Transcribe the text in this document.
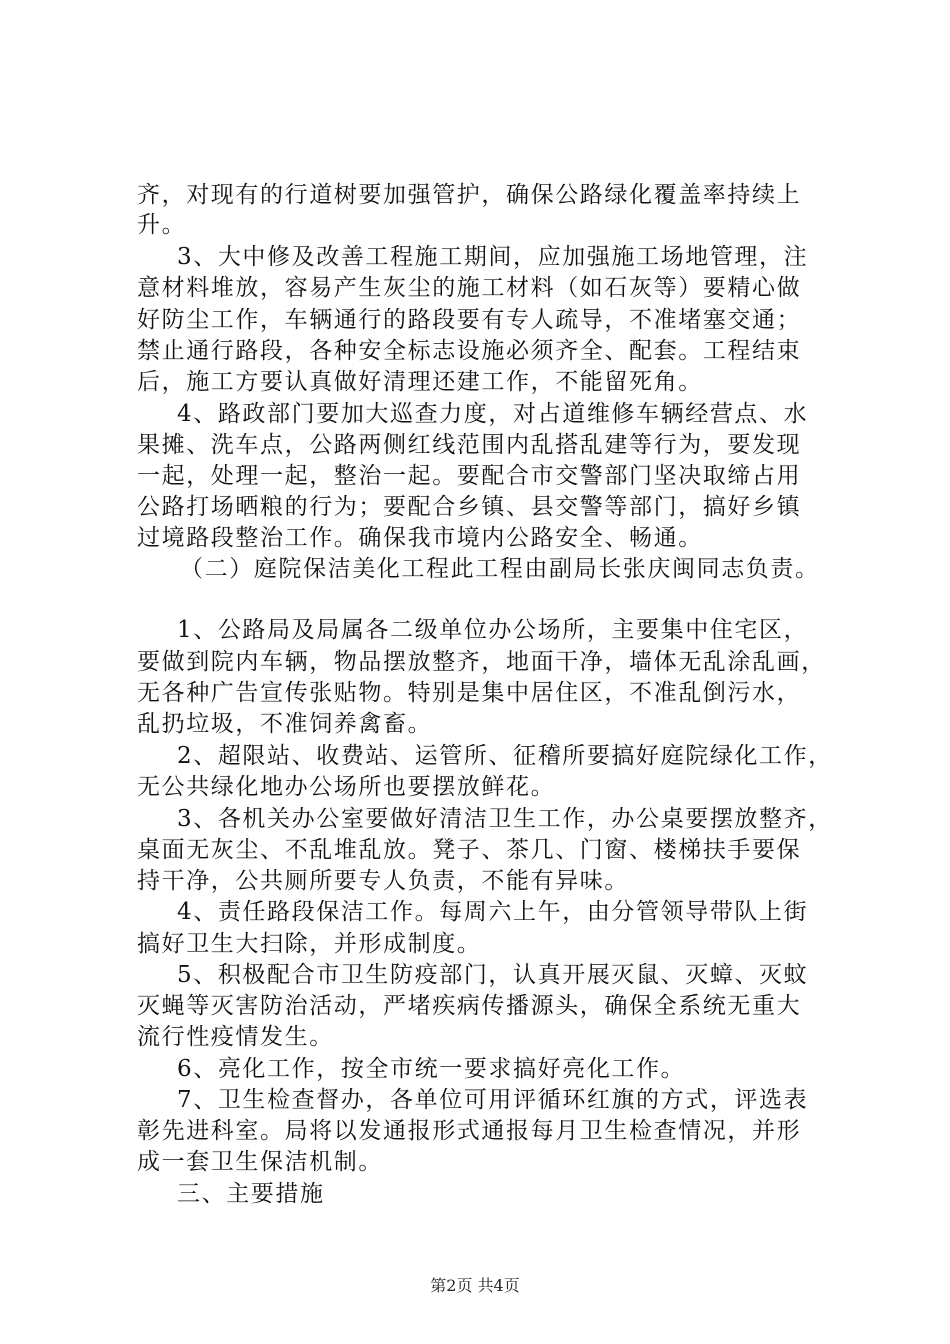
齐，对现有的行道树要加强管护，确保公路绿化覆盖率持续上
升。
3、大中修及改善工程施工期间，应加强施工场地管理，注
意材料堆放，容易产生灰尘的施工材料（如石灰等）要精心做
好防尘工作，车辆通行的路段要有专人疏导，不准堵塞交通；
禁止通行路段，各种安全标志设施必须齐全、配套。工程结束
后，施工方要认真做好清理还建工作，不能留死角。
4、路政部门要加大巡查力度，对占道维修车辆经营点、水
果摊、洗车点，公路两侧红线范围内乱搭乱建等行为，要发现
一起，处理一起，整治一起。要配合市交警部门坚决取缔占用
公路打场晒粮的行为；要配合乡镇、县交警等部门，搞好乡镇
过境路段整治工作。确保我市境内公路安全、畅通。
（二）庭院保洁美化工程此工程由副局长张庆闽同志负责。
1、公路局及局属各二级单位办公场所，主要集中住宅区，
要做到院内车辆，物品摆放整齐，地面干净，墙体无乱涂乱画，
无各种广告宣传张贴物。特别是集中居住区，不准乱倒污水，
乱扔垃圾，不准饲养禽畜。
2、超限站、收费站、运管所、征稽所要搞好庭院绿化工作，
无公共绿化地办公场所也要摆放鲜花。
3、各机关办公室要做好清洁卫生工作，办公桌要摆放整齐，
桌面无灰尘、不乱堆乱放。凳子、茶几、门窗、楼梯扶手要保
持干净，公共厕所要专人负责，不能有异味。
4、责任路段保洁工作。每周六上午，由分管领导带队上街
搞好卫生大扫除，并形成制度。
5、积极配合市卫生防疫部门，认真开展灭鼠、灭蟑、灭蚊
灭蝇等灭害防治活动，严堵疾病传播源头，确保全系统无重大
流行性疫情发生。
6、亮化工作，按全市统一要求搞好亮化工作。
7、卫生检查督办，各单位可用评循环红旗的方式，评选表
彰先进科室。局将以发通报形式通报每月卫生检查情况，并形
成一套卫生保洁机制。
三、主要措施
第2页 共4页
